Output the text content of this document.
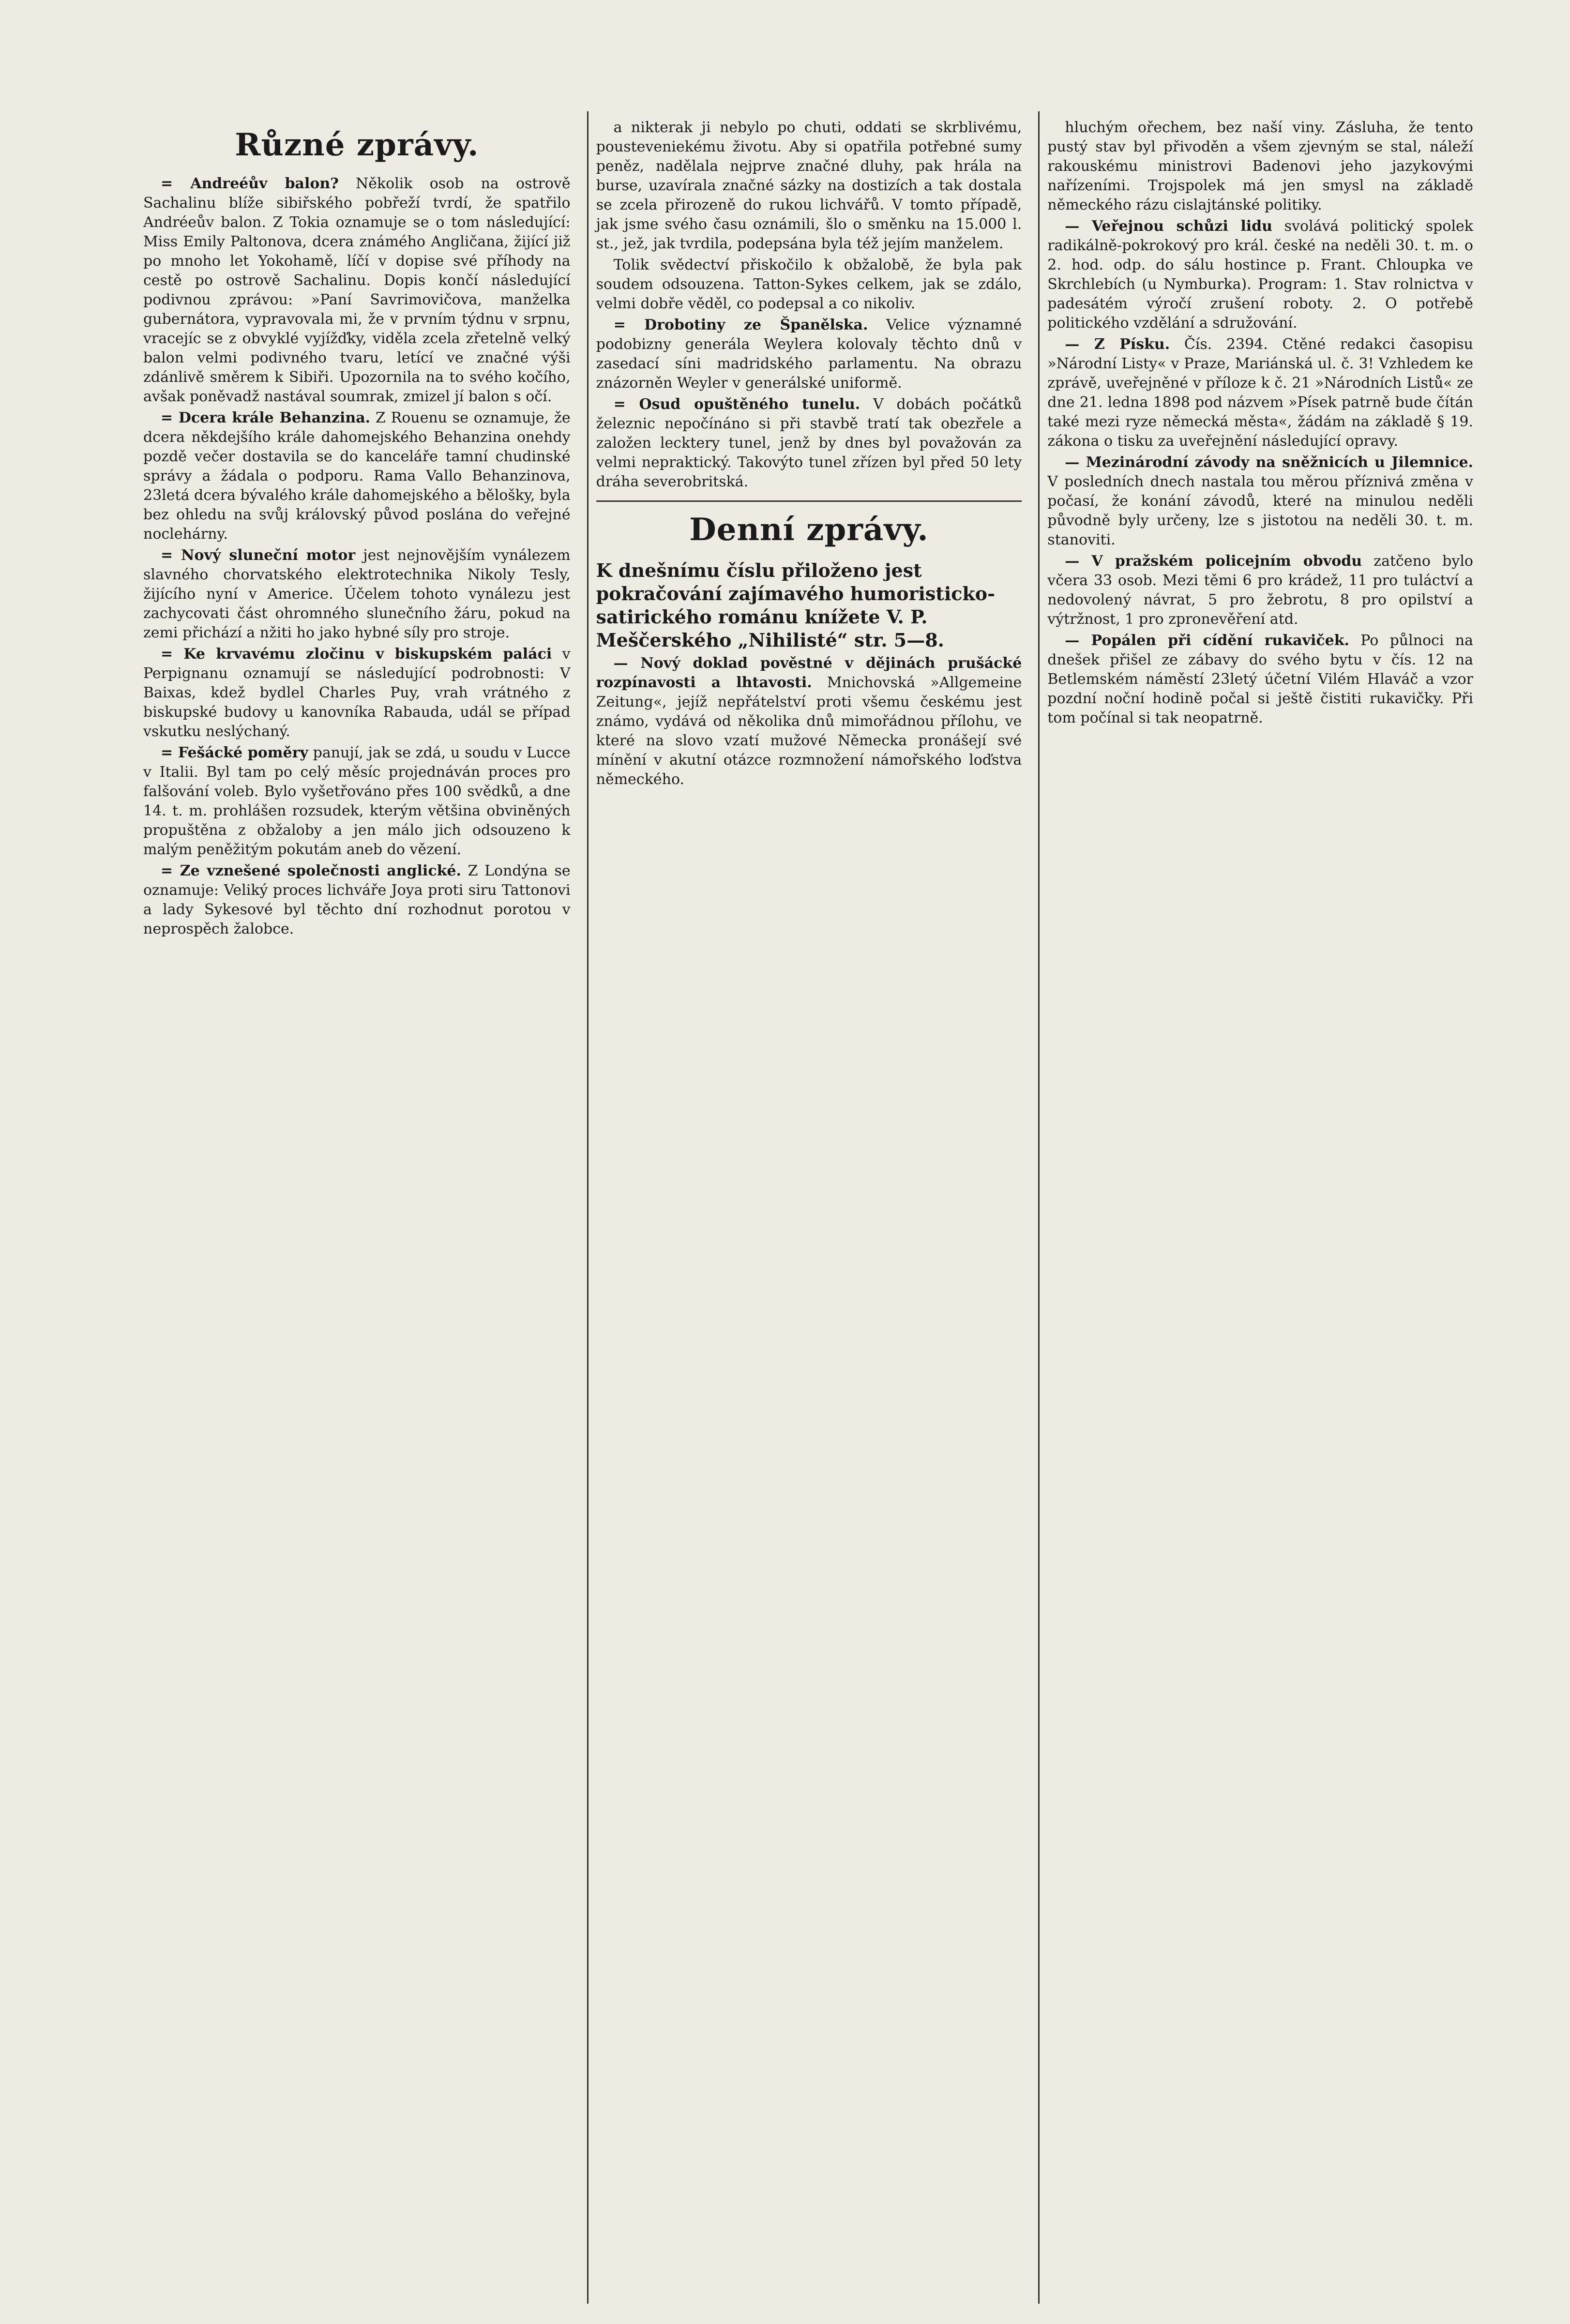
Různé zprávy.

= Andreéův balon? Několik osob na ostrově Sachalinu blíže sibiřského pobřeží tvrdí, že spatřilo Andréeův balon. Z Tokia oznamuje se o tom následující: Miss Emily Paltonova, dcera známého Angličana, žijící již po mnoho let Yokohamě, líčí v dopise své příhody na cestě po ostrově Sachalinu. Dopis končí následující podivnou zprávou: »Paní Savrimovičova, manželka gubernátora, vypravovala mi, že v prvním týdnu v srpnu, vracejíc se z obvyklé vyjížďky, viděla zcela zřetelně velký balon velmi podivného tvaru, letící ve značné výši zdánlivě směrem k Sibiři. Upozornila na to svého kočího, avšak poněvadž nastával soumrak, zmizel jí balon s očí.

= Dcera krále Behanzina. Z Rouenu se oznamuje, že dcera někdejšího krále dahomejského Behanzina onehdy pozdě večer dostavila se do kanceláře tamní chudinské správy a žádala o podporu. Rama Vallo Behanzinova, 23letá dcera bývalého krále dahomejského a bělošky, byla bez ohledu na svůj královský původ poslána do veřejné noclehárny.

= Nový sluneční motor jest nejnovějším vynálezem slavného chorvatského elektrotechnika Nikoly Tesly, žijícího nyní v Americe. Účelem tohoto vynálezu jest zachycovati část ohromného slunečního žáru, pokud na zemi přichází a nžiti ho jako hybné síly pro stroje.

= Ke krvavému zločinu v biskupském paláci v Perpignanu oznamují se následující podrobnosti: V Baixas, kdež bydlel Charles Puy, vrah vrátného z biskupské budovy u kanovníka Rabauda, udál se případ vskutku neslýchaný.

= Fešácké poměry panují, jak se zdá, u soudu v Lucce v Italii. Byl tam po celý měsíc projednáván proces pro falšování voleb. Bylo vyšetřováno přes 100 svědků, a dne 14. t. m. prohlášen rozsudek, kterým většina obviněných propuštěna z obžaloby a jen málo jich odsouzeno k malým peněžitým pokutám aneb do vězení.

= Ze vznešené společnosti anglické. Z Londýna se oznamuje: Veliký proces lichváře Joya proti siru Tattonovi a lady Sykesové byl těchto dní rozhodnut porotou v neprospěch žalobce.

a nikterak ji nebylo po chuti, oddati se skrblivému, pousteveniekému životu. Aby si opatřila potřebné sumy peněz, nadělala nejprve značné dluhy, pak hrála na burse, uzavírala značné sázky na dostizích a tak dostala se zcela přirozeně do rukou lichvářů. V tomto případě, jak jsme svého času oznámili, šlo o směnku na 15.000 l. st., jež, jak tvrdila, podepsána byla též jejím manželem.

Tolik svědectví přiskočilo k obžalobě, že byla pak soudem odsouzena. Tatton-Sykes celkem, jak se zdálo, velmi dobře věděl, co podepsal a co nikoliv.

= Drobotiny ze Španělska. Velice významné podobizny generála Weylera kolovaly těchto dnů v zasedací síni madridského parlamentu. Na obrazu znázorněn Weyler v generálské uniformě.

= Osud opuštěného tunelu. V dobách počátků železnic nepočínáno si při stavbě tratí tak obezřele a založen lecktery tunel, jenž by dnes byl považován za velmi nepraktický. Takovýto tunel zřízen byl před 50 lety dráha severobritská.

Denní zprávy.

K dnešnímu číslu přiloženo jest pokračování zajímavého humoristicko-satirického románu knížete V. P. Meščerského „Nihilisté“ str. 5—8.

— Nový doklad pověstné v dějinách prušácké rozpínavosti a lhtavosti. Mnichovská »Allgemeine Zeitung«, jejíž nepřátelství proti všemu českému jest známo, vydává od několika dnů mimořádnou přílohu, ve které na slovo vzatí mužové Německa pronášejí své mínění v akutní otázce rozmnožení námořského loďstva německého.

hluchým ořechem, bez naší viny. Zásluha, že tento pustý stav byl přivoděn a všem zjevným se stal, náleží rakouskému ministrovi Badenovi jeho jazykovými nařízeními. Trojspolek má jen smysl na základě německého rázu cislajtánské politiky.

— Veřejnou schůzi lidu svolává politický spolek radikálně-pokrokový pro král. české na neděli 30. t. m. o 2. hod. odp. do sálu hostince p. Frant. Chloupka ve Skrchlebích (u Nymburka). Program: 1. Stav rolnictva v padesátém výročí zrušení roboty. 2. O potřebě politického vzdělání a sdružování.

— Z Písku. Čís. 2394. Ctěné redakci časopisu »Národní Listy« v Praze, Mariánská ul. č. 3! Vzhledem ke zprávě, uveřejněné v příloze k č. 21 »Národních Listů« ze dne 21. ledna 1898 pod názvem »Písek patrně bude čítán také mezi ryze německá města«, žádám na základě § 19. zákona o tisku za uveřejnění následující opravy.

— Mezinárodní závody na sněžnicích u Jilemnice. V posledních dnech nastala tou měrou příznivá změna v počasí, že konání závodů, které na minulou neděli původně byly určeny, lze s jistotou na neděli 30. t. m. stanoviti.

— V pražském policejním obvodu zatčeno bylo včera 33 osob. Mezi těmi 6 pro krádež, 11 pro tuláctví a nedovolený návrat, 5 pro žebrotu, 8 pro opilství a výtržnost, 1 pro zpronevěření atd.

— Popálen při cídění rukaviček. Po půlnoci na dnešek přišel ze zábavy do svého bytu v čís. 12 na Betlemském náměstí 23letý účetní Vilém Hlaváč a vzor pozdní noční hodině počal si ještě čistiti rukavičky. Při tom počínal si tak neopatrně.
